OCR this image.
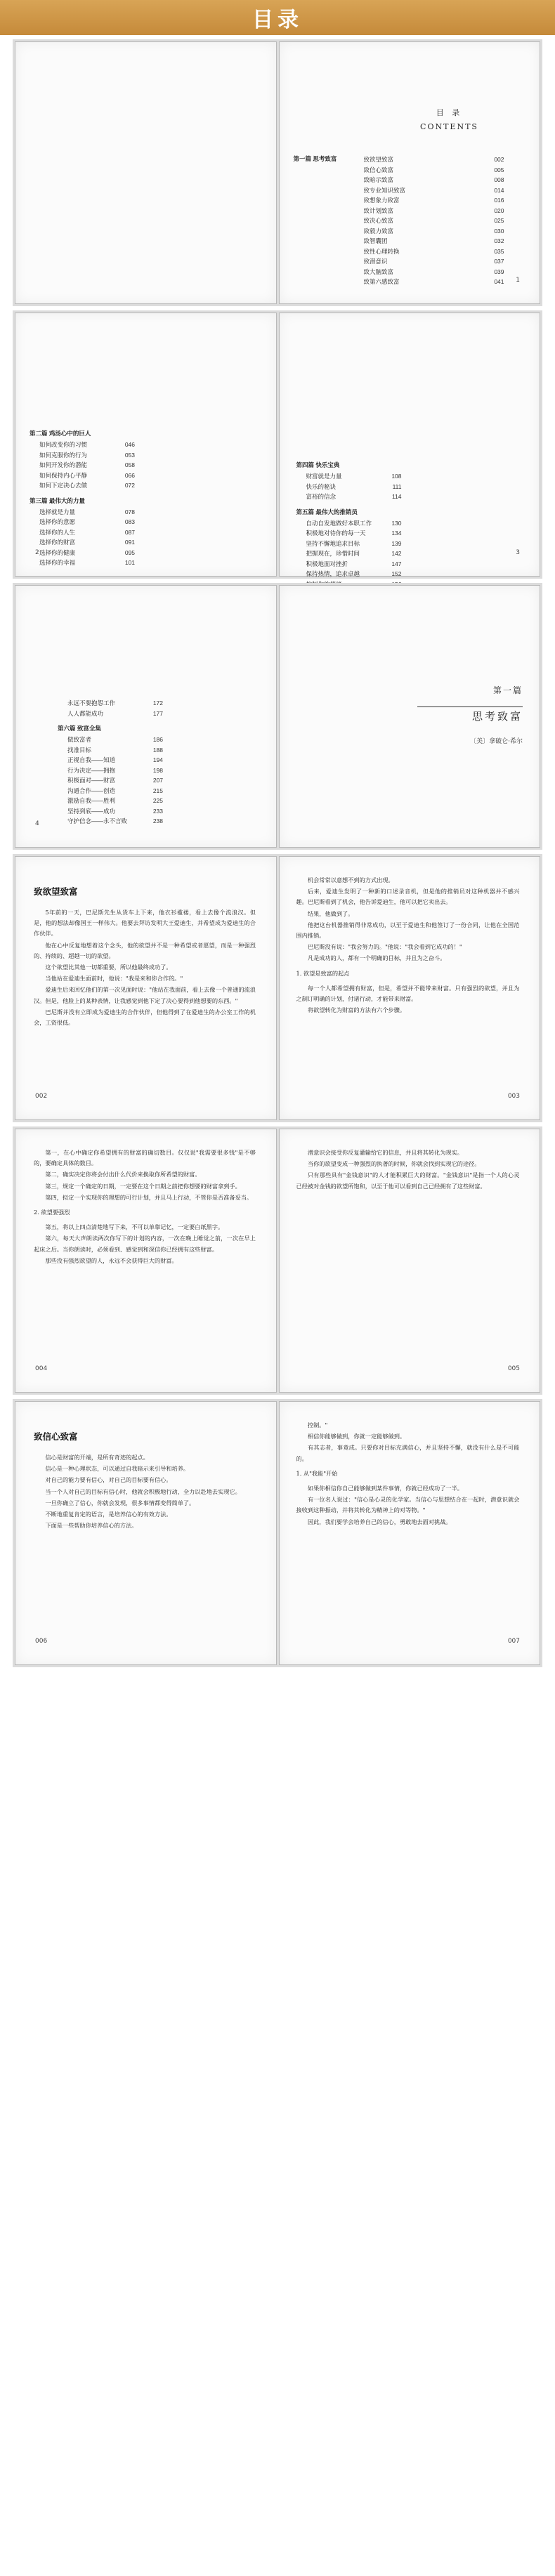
目录
目 录
CONTENTS
第一篇 思考致富	致欲望致富	002
致信心致富	005
致暗示致富	008
致专业知识致富	014
致想象力致富	016
致计划致富	020
致决心致富	025
致毅力致富	030
致智囊团	032
致性心理转换	035
致潜意识	037
致大脑致富	039
致第六感致富	041 1
第二篇 鸡汤心中的巨人
如何改变你的习惯	046
如何克服你的行为	053
如何开发你的潜能	058
如何保持内心平静	066
如何下定决心去做	072
第三篇 最伟大的力量
选择就是力量	078
选择你的意愿	083
选择你的人生	087
选择你的财富	091
选择你的健康	095
选择你的幸福	101
2
第四篇 快乐宝典
财富就是力量	108
快乐的秘诀	111
富裕的信念	114
第五篇 最伟大的推销员
自动自发地做好本职工作	130
积极地对待你的每一天	134
坚持不懈地追求目标	139
把握现在，珍惜时间	142
积极地面对挫折	147
保持热情，追求卓越	152
3
永远不要抱怨工作	172
人人都能成功	177
第六篇 致富全集
做致富者	186
找准目标	188
正视自我——知道	194
行为决定——拥抱	198
积极面对——财富	207
沟通合作——创造	215
激励自我——胜利	225
坚持到底——成功	233
守护信念——永不言败	238
4
第一篇
思考致富
〔美〕拿破仑·希尔
致欲望致富

5年前的一天，巴尼斯先生从货车上下来，他衣衫褴褛，看上去像个流浪汉。但是，他的想法却像国王一样伟大。他要去拜访发明大王爱迪生，并希望成为爱迪生的合作伙伴。

他在心中反复地想着这个念头，他的欲望并不是一种希望或者愿望，而是一种强烈的、持续的、超越一切的欲望。

这个欲望比其他一切都重要，所以他最终成功了。

当他站在爱迪生面前时，他说："我是来和你合作的。"

爱迪生后来回忆他们的第一次见面时说："他站在我面前，看上去像一个普通的流浪汉。但是，他脸上的某种表情，让我感觉到他下定了决心要得到他想要的东西。"

巴尼斯并没有立即成为爱迪生的合作伙伴，但他得到了在爱迪生的办公室工作的机会，工资很低。

002

机会常常以意想不到的方式出现。

后来，爱迪生发明了一种新的口述录音机，但是他的推销员对这种机器并不感兴趣。巴尼斯看到了机会，他告诉爱迪生，他可以把它卖出去。

结果，他做到了。

他把这台机器推销得非常成功，以至于爱迪生和他签订了一份合同，让他在全国范围内推销。

巴尼斯没有说："我会努力的。"他说："我会看到它成功的！"

凡是成功的人，都有一个明确的目标，并且为之奋斗。

1. 欲望是致富的起点

每一个人都希望拥有财富，但是，希望并不能带来财富。只有强烈的欲望，并且为之制订明确的计划，付诸行动，才能带来财富。

将欲望转化为财富的方法有六个步骤。

003

第一，在心中确定你希望拥有的财富的确切数目。仅仅说"我需要很多钱"是不够的，要确定具体的数目。

第二，确实决定你将会付出什么代价来换取你所希望的财富。

第三，规定一个确定的日期，一定要在这个日期之前把你想要的财富拿到手。

第四，拟定一个实现你的理想的可行计划，并且马上行动，不管你是否准备妥当。

2. 欲望要强烈

第五，将以上四点清楚地写下来，不可以单靠记忆，一定要白纸黑字。

第六，每天大声朗读两次你写下的计划的内容，一次在晚上睡觉之前，一次在早上起床之后。当你朗读时，必须看到、感觉到和深信你已经拥有这些财富。

那些没有强烈欲望的人，永远不会获得巨大的财富。

004

潜意识会接受你反复灌输给它的信息，并且将其转化为现实。

当你的欲望变成一种强烈的执著的时候，你就会找到实现它的途径。

只有那些具有"金钱意识"的人才能积累巨大的财富。"金钱意识"是指一个人的心灵已经被对金钱的欲望所饱和，以至于他可以看到自己已经拥有了这些财富。

005
致信心致富

信心是财富的开端，是所有奇迹的起点。

信心是一种心理状态，可以通过自我暗示来引导和培养。

对自己的能力要有信心，对自己的目标要有信心。

当一个人对自己的目标有信心时，他就会积极地行动，全力以赴地去实现它。

一旦你确立了信心，你就会发现，很多事情都变得简单了。

不断地重复肯定的语言，是培养信心的有效方法。

下面是一些帮助你培养信心的方法。

006

控制。"

相信你能够做到，你就一定能够做到。

有其志者，事竟成。只要你对目标充满信心，并且坚持不懈，就没有什么是不可能的。

1. 从"我能"开始

如果你相信你自己能够做到某件事情，你就已经成功了一半。

有一位名人说过："信心是心灵的化学家。当信心与思想结合在一起时，潜意识就会接收到这种振动，并将其转化为精神上的对等物。"

因此，我们要学会培养自己的信心，勇敢地去面对挑战。

007
